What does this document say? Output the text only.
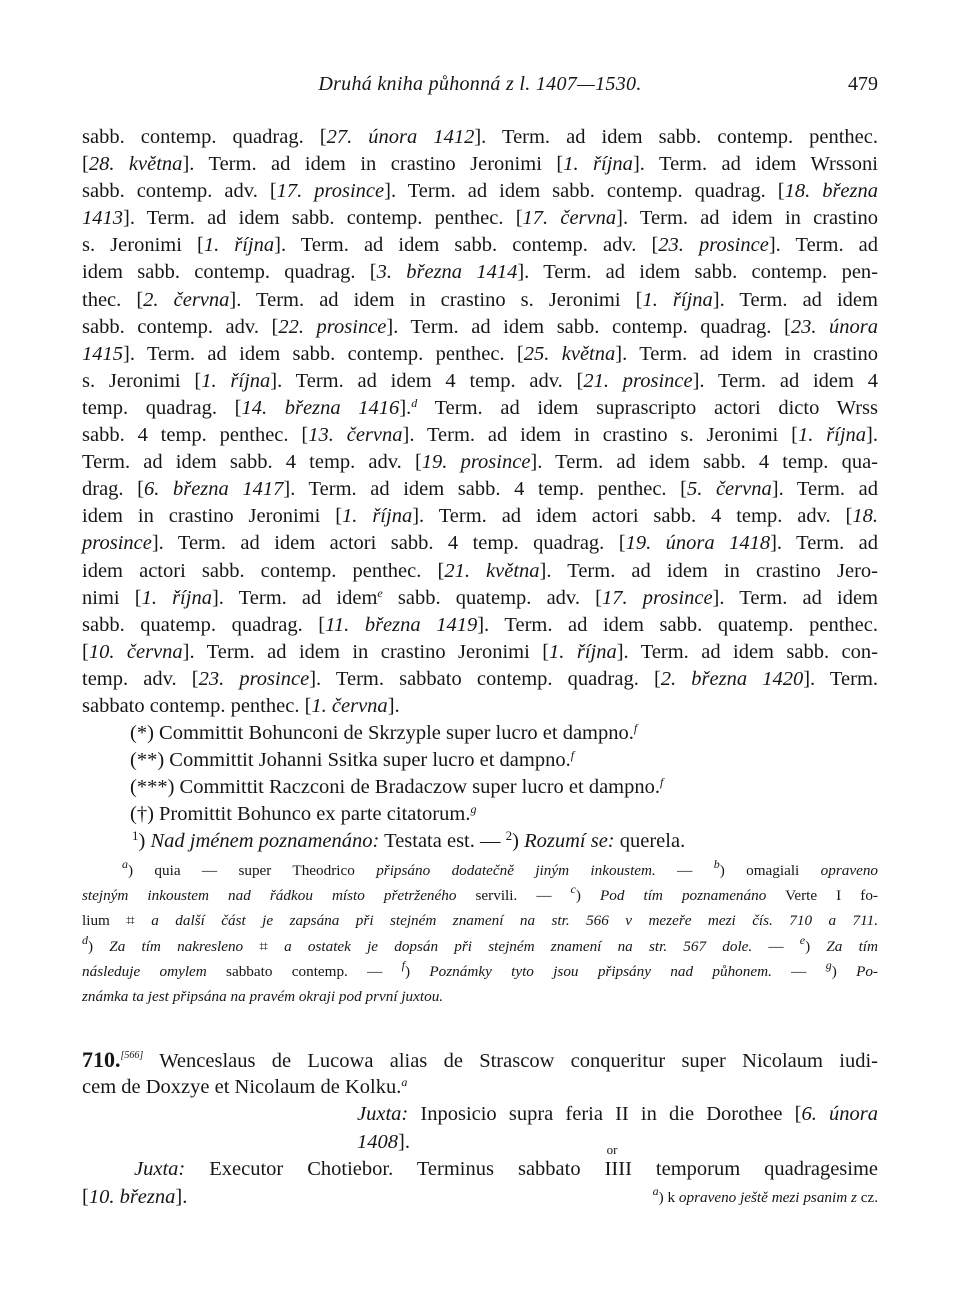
Druhá kniha půhonná z l. 1407—1530.	479
sabb. contemp. quadrag. [27. února 1412]. Term. ad idem sabb. contemp. penthec.
[28. května]. Term. ad idem in crastino Jeronimi [1. října]. Term. ad idem Wrssoni
sabb. contemp. adv. [17. prosince]. Term. ad idem sabb. contemp. quadrag. [18. března
1413]. Term. ad idem sabb. contemp. penthec. [17. června]. Term. ad idem in crastino
s. Jeronimi [1. října]. Term. ad idem sabb. contemp. adv. [23. prosince]. Term. ad
idem sabb. contemp. quadrag. [3. března 1414]. Term. ad idem sabb. contemp. pen-
thec. [2. června]. Term. ad idem in crastino s. Jeronimi [1. října]. Term. ad idem
sabb. contemp. adv. [22. prosince]. Term. ad idem sabb. contemp. quadrag. [23. února
1415]. Term. ad idem sabb. contemp. penthec. [25. května]. Term. ad idem in crastino
s. Jeronimi [1. října]. Term. ad idem 4 temp. adv. [21. prosince]. Term. ad idem 4
temp. quadrag. [14. března 1416].$^d$ Term. ad idem suprascripto actori dicto Wrss
sabb. 4 temp. penthec. [13. června]. Term. ad idem in crastino s. Jeronimi [1. října].
Term. ad idem sabb. 4 temp. adv. [19. prosince]. Term. ad idem sabb. 4 temp. qua-
drag. [6. března 1417]. Term. ad idem sabb. 4 temp. penthec. [5. června]. Term. ad
idem in crastino Jeronimi [1. října]. Term. ad idem actori sabb. 4 temp. adv. [18.
prosince]. Term. ad idem actori sabb. 4 temp. quadrag. [19. února 1418]. Term. ad
idem actori sabb. contemp. penthec. [21. května]. Term. ad idem in crastino Jero-
nimi [1. října]. Term. ad idem$^e$ sabb. quatemp. adv. [17. prosince]. Term. ad idem
sabb. quatemp. quadrag. [11. března 1419]. Term. ad idem sabb. quatemp. penthec.
[10. června]. Term. ad idem in crastino Jeronimi [1. října]. Term. ad idem sabb. con-
temp. adv. [23. prosince]. Term. sabbato contemp. quadrag. [2. března 1420]. Term.
sabbato contemp. penthec. [1. června].
(*) Committit Bohunconi de Skrzyple super lucro et dampno.$^f$
(**) Committit Johanni Ssitka super lucro et dampno.$^f$
(***) Committit Raczconi de Bradaczow super lucro et dampno.$^f$
(†) Promittit Bohunco ex parte citatorum.$^g$
$^1$) Nad jménem poznamenáno: Testata est. — $^2$) Rozumí se: querela.
$^a$) quia — super Theodrico připsáno dodatečně jiným inkoustem. — $^b$) omagiali opraveno
stejným inkoustem nad řádkou místo přetrženého servili. — $^c$) Pod tím poznamenáno Verte I fo-
lium ⌗ a další část je zapsána při stejném znamení na str. 566 v mezeře mezi čís. 710 a 711.
$^d$) Za tím nakresleno ⌗ a ostatek je dopsán při stejném znamení na str. 567 dole. — $^e$) Za tím
následuje omylem sabbato contemp. — $^f$) Poznámky tyto jsou připsány nad půhonem. — $^g$) Po-
známka ta jest připsána na pravém okraji pod první juxtou.
710.[566] Wenceslaus de Lucowa alias de Strascow conqueritur super Nicolaum iudi-
cem de Doxzye et Nicolaum de Kolku.$^a$
Juxta: Inposicio supra feria II in die Dorothee [6. února
1408].
Juxta: Executor Chotiebor. Terminus sabbato
or
IIII temporum quadragesime
[10. března].	$^a$) k opraveno ještě mezi psanim z cz.
